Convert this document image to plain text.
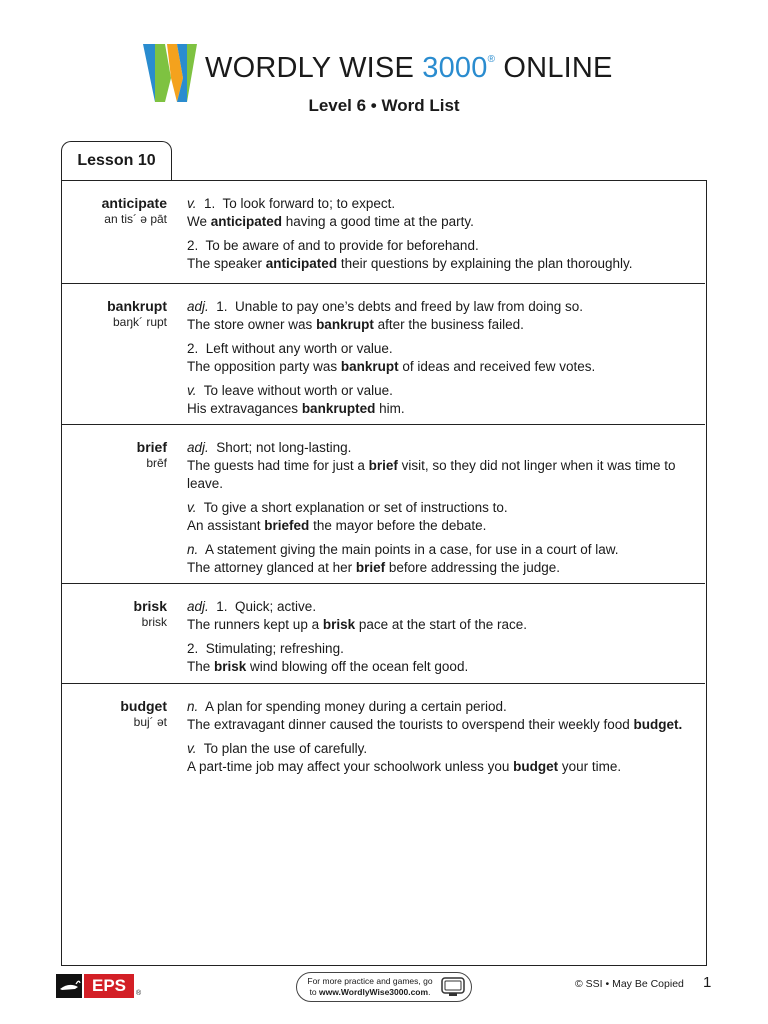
WORDLY WISE 3000® ONLINE
Level 6 • Word List
Lesson 10
anticipate
an tis´ ə pāt
v.  1.  To look forward to; to expect.
We anticipated having a good time at the party.
2.  To be aware of and to provide for beforehand.
The speaker anticipated their questions by explaining the plan thoroughly.
bankrupt
baŋk´ rupt
adj.  1.  Unable to pay one’s debts and freed by law from doing so.
The store owner was bankrupt after the business failed.
2.  Left without any worth or value.
The opposition party was bankrupt of ideas and received few votes.
v.  To leave without worth or value.
His extravagances bankrupted him.
brief
brēf
adj.  Short; not long-lasting.
The guests had time for just a brief visit, so they did not linger when it was time to leave.
v.  To give a short explanation or set of instructions to.
An assistant briefed the mayor before the debate.
n.  A statement giving the main points in a case, for use in a court of law.
The attorney glanced at her brief before addressing the judge.
brisk
brisk
adj.  1.  Quick; active.
The runners kept up a brisk pace at the start of the race.
2.  Stimulating; refreshing.
The brisk wind blowing off the ocean felt good.
budget
buj´ ət
n.  A plan for spending money during a certain period.
The extravagant dinner caused the tourists to overspend their weekly food budget.
v.  To plan the use of carefully.
A part-time job may affect your schoolwork unless you budget your time.
EPS	®
For more practice and games, go
to www.WordlyWise3000.com.
© SSI • May Be Copied 1
